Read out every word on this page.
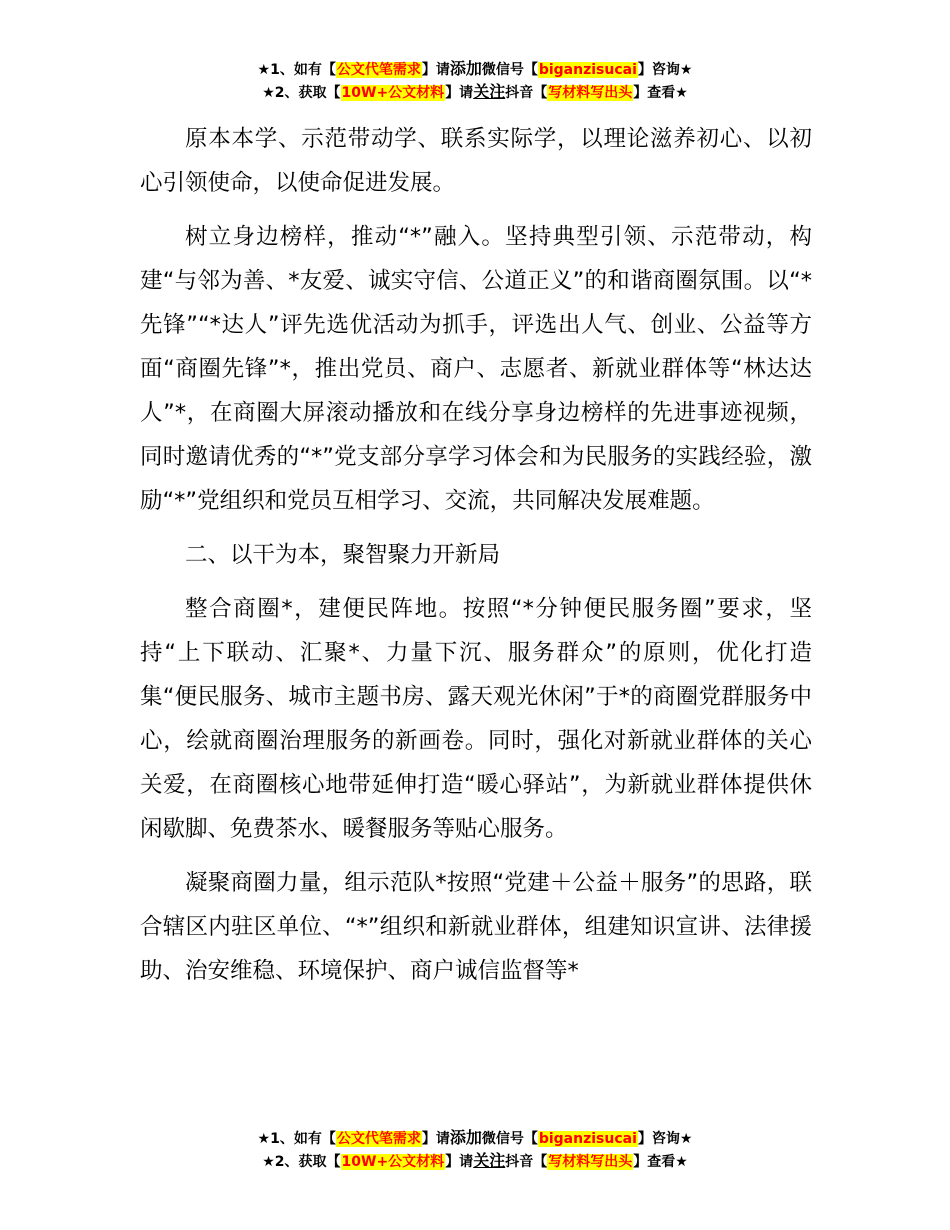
★1、如有【公文代笔需求】请添加微信号【biganzisucai】咨询★
★2、获取【10W+公文材料】请关注抖音【写材料写出头】查看★

原本本学、示范带动学、联系实际学，以理论滋养初心、以初心引领使命，以使命促进发展。

树立身边榜样，推动“*”融入。坚持典型引领、示范带动，构建“与邻为善、*友爱、诚实守信、公道正义”的和谐商圈氛围。以“*先锋”“*达人”评先选优活动为抓手，评选出人气、创业、公益等方面“商圈先锋”*，推出党员、商户、志愿者、新就业群体等“林达达人”*，在商圈大屏滚动播放和在线分享身边榜样的先进事迹视频，同时邀请优秀的“*”党支部分享学习体会和为民服务的实践经验，激励“*”党组织和党员互相学习、交流，共同解决发展难题。

二、以干为本，聚智聚力开新局

整合商圈*，建便民阵地。按照“*分钟便民服务圈”要求，坚持“上下联动、汇聚*、力量下沉、服务群众”的原则，优化打造集“便民服务、城市主题书房、露天观光休闲”于*的商圈党群服务中心，绘就商圈治理服务的新画卷。同时，强化对新就业群体的关心关爱，在商圈核心地带延伸打造“暖心驿站”，为新就业群体提供休闲歇脚、免费茶水、暖餐服务等贴心服务。

凝聚商圈力量，组示范队*按照“党建＋公益＋服务”的思路，联合辖区内驻区单位、“*”组织和新就业群体，组建知识宣讲、法律援助、治安维稳、环境保护、商户诚信监督等*

★1、如有【公文代笔需求】请添加微信号【biganzisucai】咨询★
★2、获取【10W+公文材料】请关注抖音【写材料写出头】查看★
